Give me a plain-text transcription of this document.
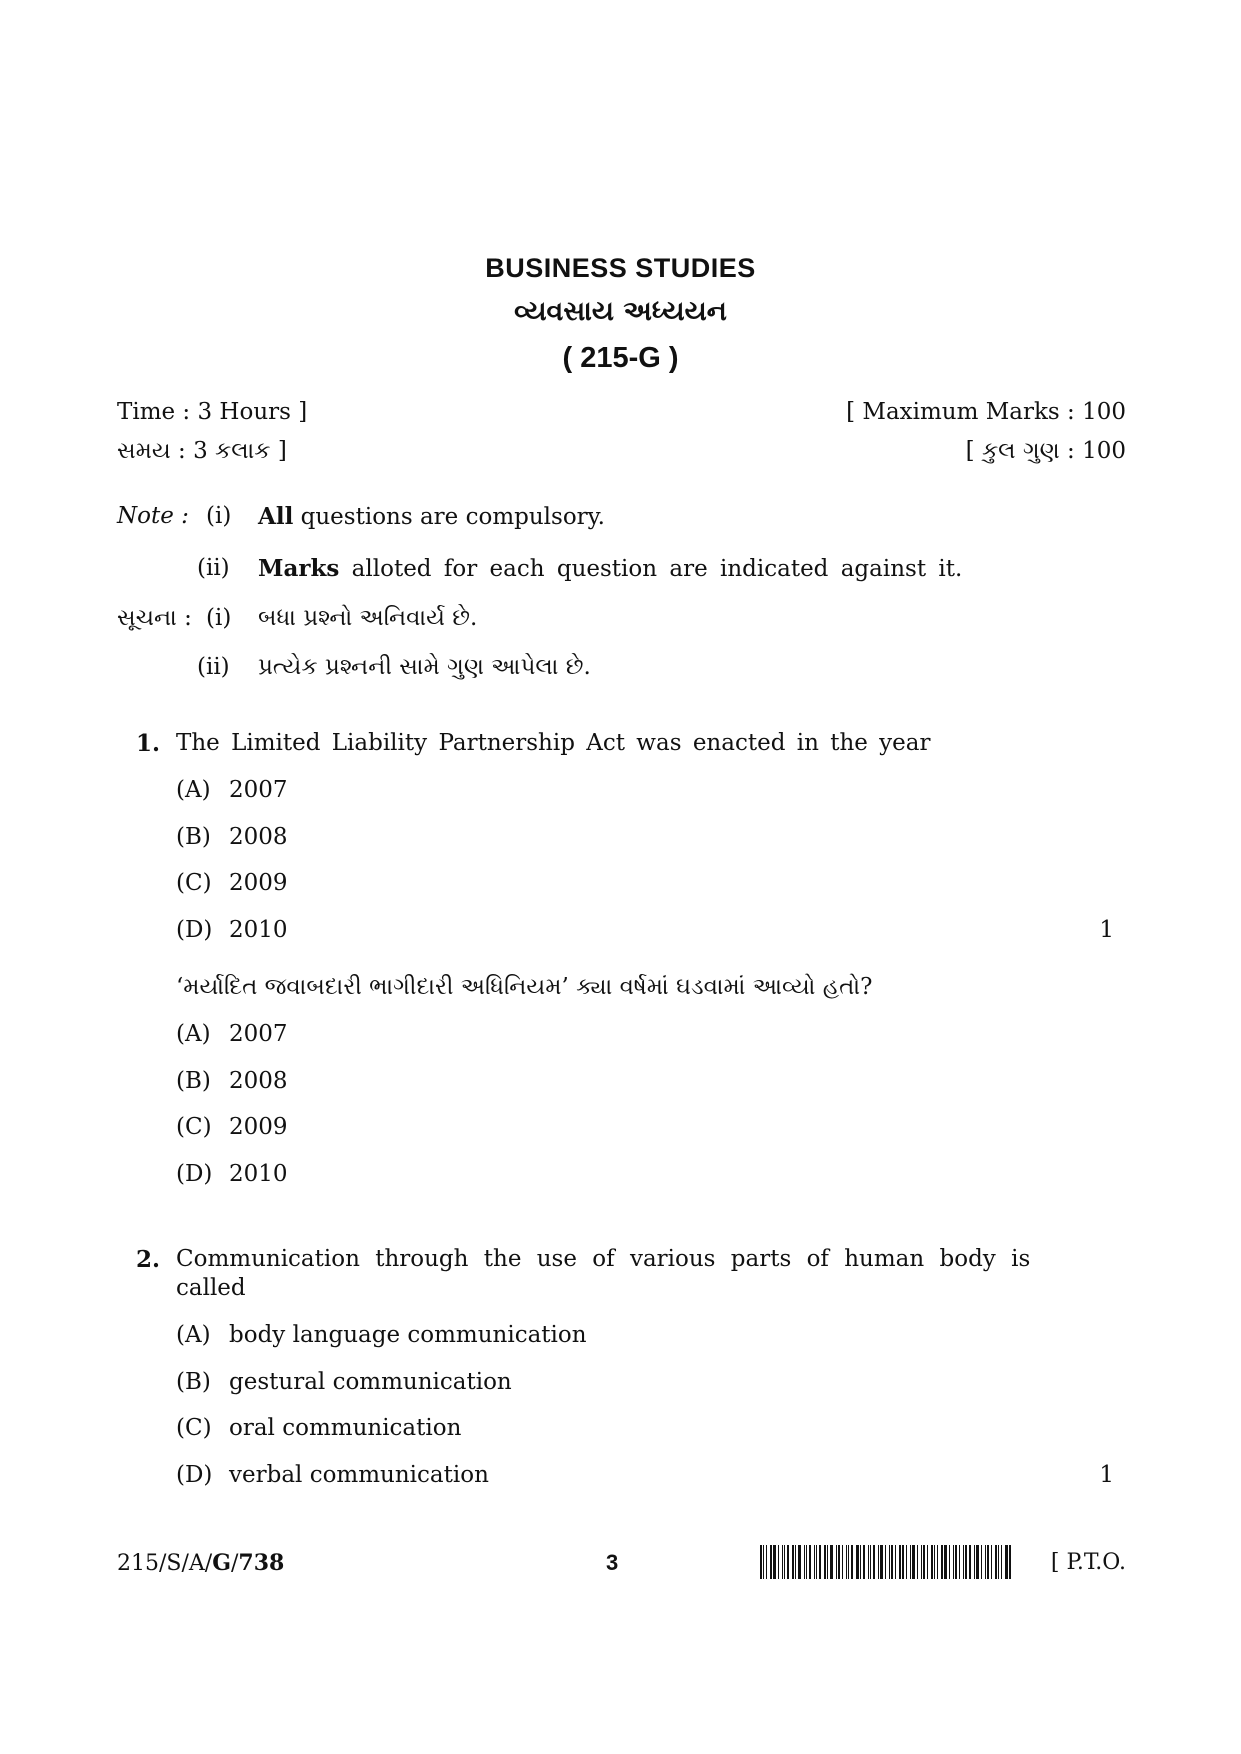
BUSINESS STUDIES
વ્યવસાય અધ્યયન
( 215-G )
Time : 3 Hours ]
સમય : 3 કલાક ]
[ Maximum Marks : 100
[ કુલ ગુણ : 100
Note : (i) All questions are compulsory.
(ii) Marks alloted for each question are indicated against it.
સૂચના : (i) બધા પ્રશ્નો અનિવાર્ય છે.
(ii) પ્રત્યેક પ્રશ્નની સામે ગુણ આપેલા છે.
1. The Limited Liability Partnership Act was enacted in the year
(A) 2007
(B) 2008
(C) 2009
(D) 2010	1
‘મર્યાદિત જવાબદારી ભાગીદારી અધિનિયમ’ ક્યા વર્ષમાં ઘડવામાં આવ્યો હતો?
(A) 2007
(B) 2008
(C) 2009
(D) 2010
2. Communication through the use of various parts of human body is
called
(A) body language communication
(B) gestural communication
(C) oral communication
(D) verbal communication	1
215/S/A/G/738	3	[ P.T.O.
